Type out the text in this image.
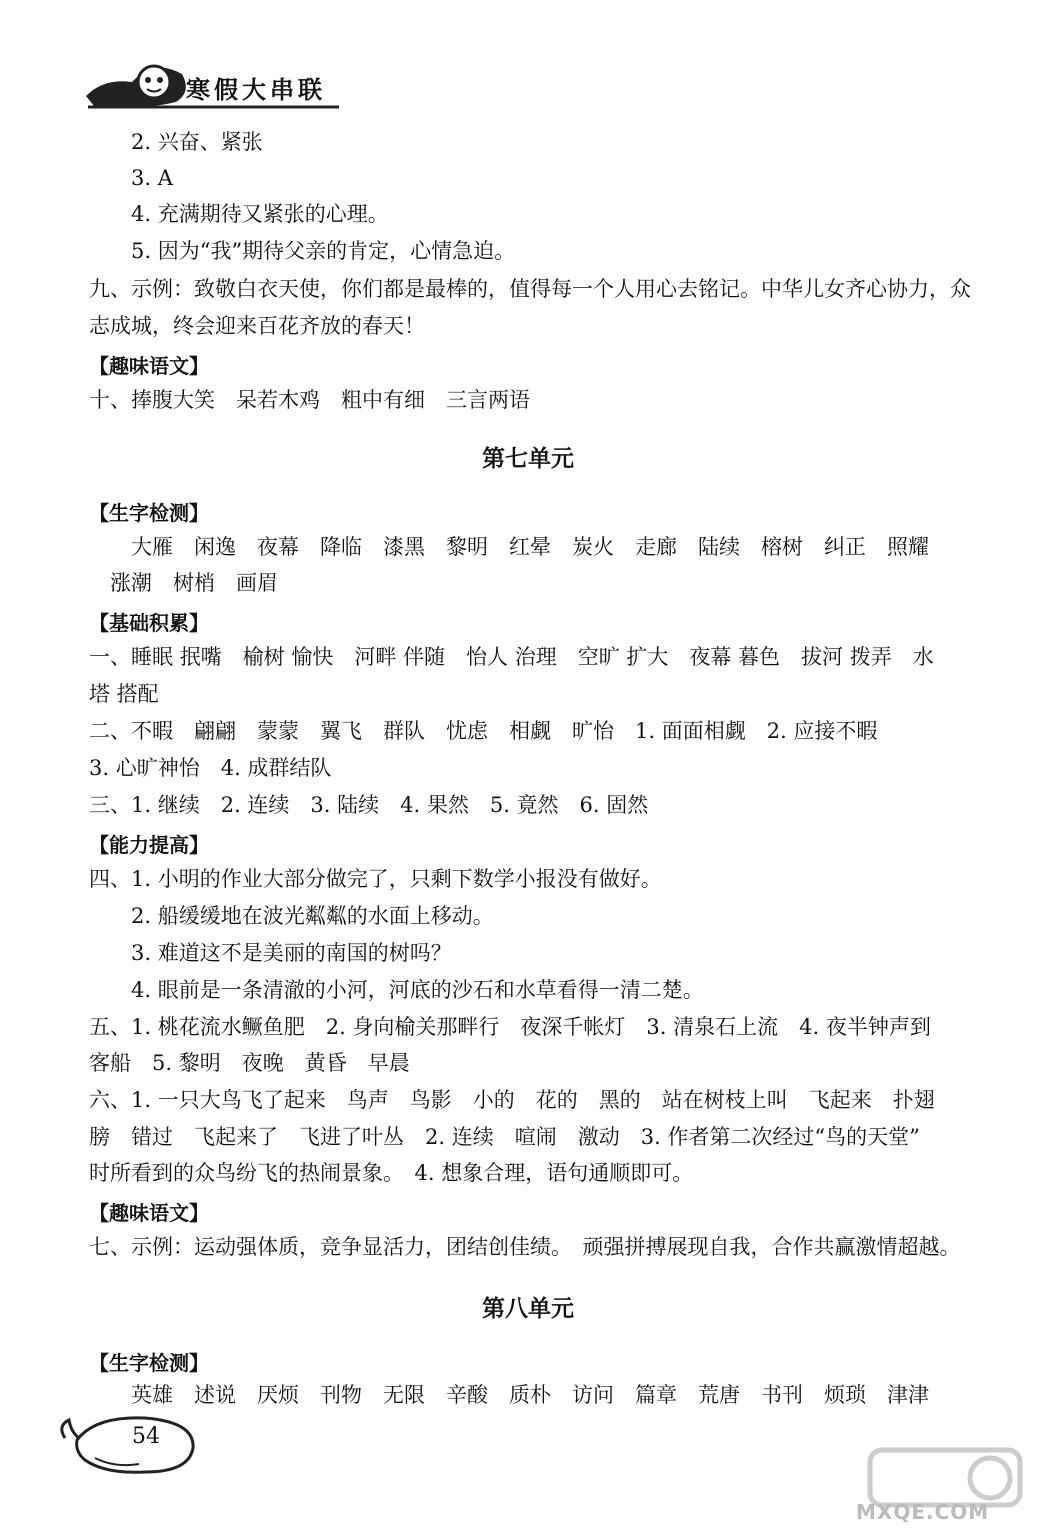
寒假大串联
2. 兴奋、紧张
3. A
4. 充满期待又紧张的心理。
5. 因为“我”期待父亲的肯定，心情急迫。
九、示例：致敬白衣天使，你们都是最棒的，值得每一个人用心去铭记。中华儿女齐心协力，众
志成城，终会迎来百花齐放的春天！
【趣味语文】
十、捧腹大笑　呆若木鸡　粗中有细　三言两语
第七单元
【生字检测】
大雁　闲逸　夜幕　降临　漆黑　黎明　红晕　炭火　走廊　陆续　榕树　纠正　照耀
涨潮　树梢　画眉
【基础积累】
一、睡眠 抿嘴　榆树 愉快　河畔 伴随　怡人 治理　空旷 扩大　夜幕 暮色　拔河 拨弄　水
塔 搭配
二、不暇　翩翩　蒙蒙　翼飞　群队　忧虑　相觑　旷怡　1. 面面相觑　2. 应接不暇
3. 心旷神怡　4. 成群结队
三、1. 继续　2. 连续　3. 陆续　4. 果然　5. 竟然　6. 固然
【能力提高】
四、1. 小明的作业大部分做完了，只剩下数学小报没有做好。
2. 船缓缓地在波光粼粼的水面上移动。
3. 难道这不是美丽的南国的树吗？
4. 眼前是一条清澈的小河，河底的沙石和水草看得一清二楚。
五、1. 桃花流水鳜鱼肥　2. 身向榆关那畔行　夜深千帐灯　3. 清泉石上流　4. 夜半钟声到
客船　5. 黎明　夜晚　黄昏　早晨
六、1. 一只大鸟飞了起来　鸟声　鸟影　小的　花的　黑的　站在树枝上叫　飞起来　扑翅
膀　错过　飞起来了　飞进了叶丛　2. 连续　喧闹　激动　3. 作者第二次经过“鸟的天堂”
时所看到的众鸟纷飞的热闹景象。　4. 想象合理，语句通顺即可。
【趣味语文】
七、示例：运动强体质，竞争显活力，团结创佳绩。　顽强拼搏展现自我，合作共赢激情超越。
第八单元
【生字检测】
英雄　述说　厌烦　刊物　无限　辛酸　质朴　访问　篇章　荒唐　书刊　烦琐　津津
54
MXQE.COM
